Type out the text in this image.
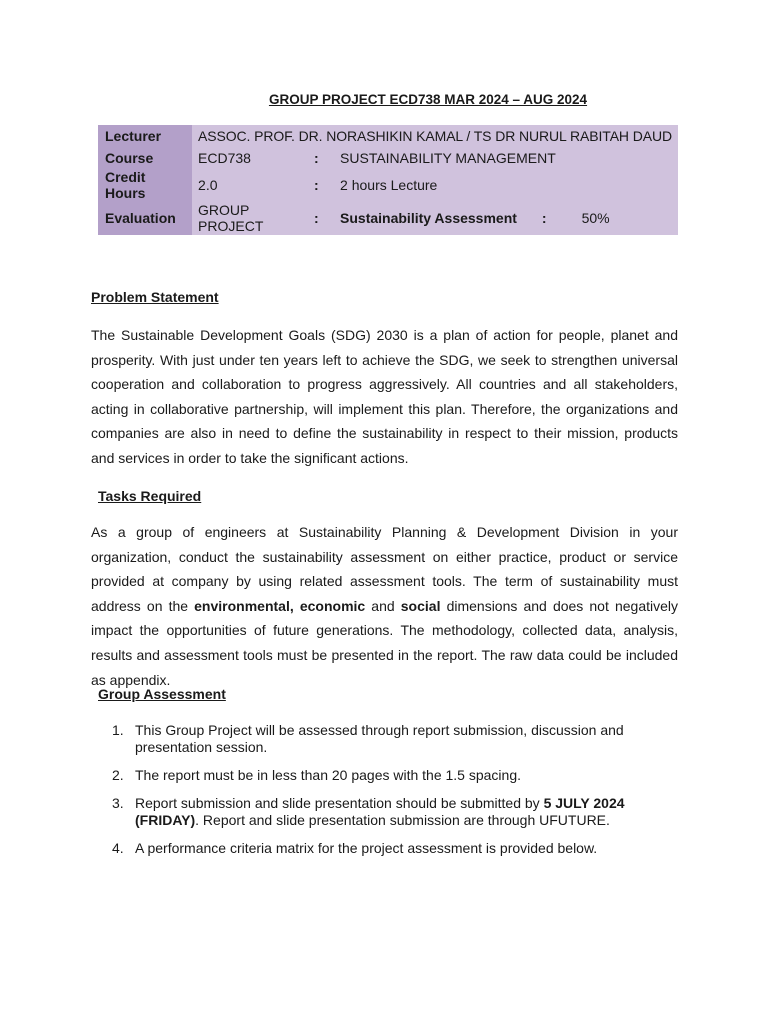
GROUP PROJECT ECD738 MAR 2024 – AUG 2024
Lecturer	ASSOC. PROF. DR. NORASHIKIN KAMAL / TS DR NURUL RABITAH DAUD		
Course	ECD738	:	SUSTAINABILITY MANAGEMENT
Credit Hours	2.0	:	2 hours Lecture
Evaluation	GROUP PROJECT	:	Sustainability Assessment : 50%
Problem Statement
The Sustainable Development Goals (SDG) 2030 is a plan of action for people, planet and prosperity. With just under ten years left to achieve the SDG, we seek to strengthen universal cooperation and collaboration to progress aggressively. All countries and all stakeholders, acting in collaborative partnership, will implement this plan. Therefore, the organizations and companies are also in need to define the sustainability in respect to their mission, products and services in order to take the significant actions.
Tasks Required
As a group of engineers at Sustainability Planning & Development Division in your organization, conduct the sustainability assessment on either practice, product or service provided at company by using related assessment tools. The term of sustainability must address on the environmental, economic and social dimensions and does not negatively impact the opportunities of future generations. The methodology, collected data, analysis, results and assessment tools must be presented in the report. The raw data could be included as appendix.
Group Assessment
1. This Group Project will be assessed through report submission, discussion and presentation session.
2. The report must be in less than 20 pages with the 1.5 spacing.
3. Report submission and slide presentation should be submitted by 5 JULY 2024 (FRIDAY). Report and slide presentation submission are through UFUTURE.
4. A performance criteria matrix for the project assessment is provided below.
